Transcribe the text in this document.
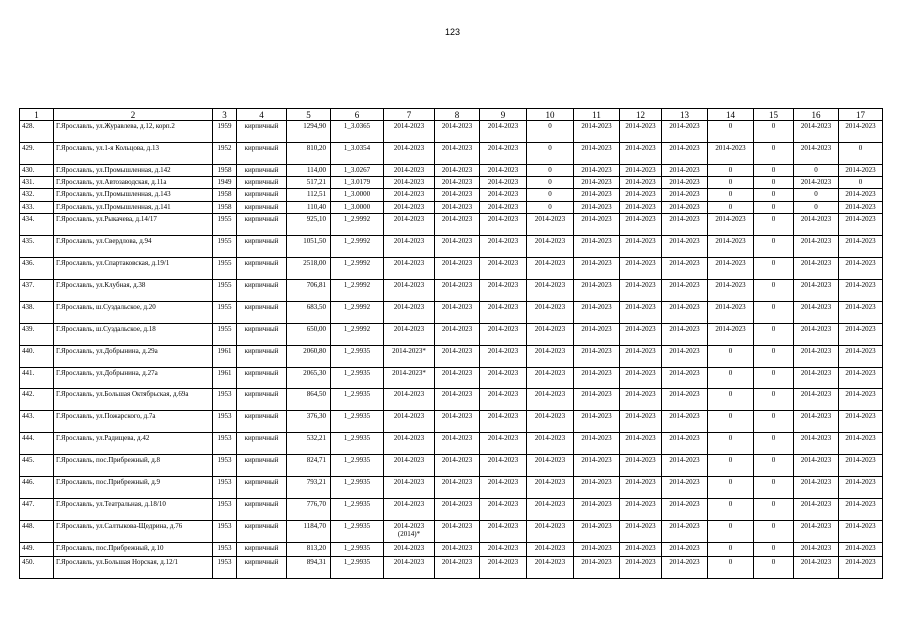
123
1	2	3	4	5	6	7	8	9	10	11	12	13	14	15	16	17
428.	Г.Ярославль, ул.Журавлева, д.12, корп.2	1959	кирпичный	1294,90	1_3.0365	2014-2023	2014-2023	2014-2023	0	2014-2023	2014-2023	2014-2023	0	0	2014-2023	2014-2023
429.	Г.Ярославль, ул.1-я Кольцова, д.13	1952	кирпичный	810,20	1_3.0354	2014-2023	2014-2023	2014-2023	0	2014-2023	2014-2023	2014-2023	2014-2023	0	2014-2023	0
430.	Г.Ярославль, ул.Промышленная, д.142	1958	кирпичный	114,00	1_3.0267	2014-2023	2014-2023	2014-2023	0	2014-2023	2014-2023	2014-2023	0	0	0	2014-2023
431.	Г.Ярославль, ул.Автозаводская, д.11а	1949	кирпичный	517,21	1_3.0179	2014-2023	2014-2023	2014-2023	0	2014-2023	2014-2023	2014-2023	0	0	2014-2023	0
432.	Г.Ярославль, ул.Промышленная, д.143	1958	кирпичный	112,51	1_3.0000	2014-2023	2014-2023	2014-2023	0	2014-2023	2014-2023	2014-2023	0	0	0	2014-2023
433.	Г.Ярославль, ул.Промышленная, д.141	1958	кирпичный	110,40	1_3.0000	2014-2023	2014-2023	2014-2023	0	2014-2023	2014-2023	2014-2023	0	0	0	2014-2023
434.	Г.Ярославль, ул.Рыкачева, д.14/17	1955	кирпичный	925,10	1_2.9992	2014-2023	2014-2023	2014-2023	2014-2023	2014-2023	2014-2023	2014-2023	2014-2023	0	2014-2023	2014-2023
435.	Г.Ярославль, ул.Свердлова, д.94	1955	кирпичный	1051,50	1_2.9992	2014-2023	2014-2023	2014-2023	2014-2023	2014-2023	2014-2023	2014-2023	2014-2023	0	2014-2023	2014-2023
436.	Г.Ярославль, ул.Спартаковская, д.19/1	1955	кирпичный	2518,00	1_2.9992	2014-2023	2014-2023	2014-2023	2014-2023	2014-2023	2014-2023	2014-2023	2014-2023	0	2014-2023	2014-2023
437.	Г.Ярославль, ул.Клубная, д.38	1955	кирпичный	706,81	1_2.9992	2014-2023	2014-2023	2014-2023	2014-2023	2014-2023	2014-2023	2014-2023	2014-2023	0	2014-2023	2014-2023
438.	Г.Ярославль, ш.Суздальское, д.20	1955	кирпичный	683,50	1_2.9992	2014-2023	2014-2023	2014-2023	2014-2023	2014-2023	2014-2023	2014-2023	2014-2023	0	2014-2023	2014-2023
439.	Г.Ярославль, ш.Суздальское, д.18	1955	кирпичный	650,00	1_2.9992	2014-2023	2014-2023	2014-2023	2014-2023	2014-2023	2014-2023	2014-2023	2014-2023	0	2014-2023	2014-2023
440.	Г.Ярославль, ул.Добрынина, д.29а	1961	кирпичный	2060,80	1_2.9935	2014-2023*	2014-2023	2014-2023	2014-2023	2014-2023	2014-2023	2014-2023	0	0	2014-2023	2014-2023
441.	Г.Ярославль, ул.Добрынина, д.27а	1961	кирпичный	2065,30	1_2.9935	2014-2023*	2014-2023	2014-2023	2014-2023	2014-2023	2014-2023	2014-2023	0	0	2014-2023	2014-2023
442.	Г.Ярославль, ул.Большая Октябрьская, д.69а	1953	кирпичный	864,50	1_2.9935	2014-2023	2014-2023	2014-2023	2014-2023	2014-2023	2014-2023	2014-2023	0	0	2014-2023	2014-2023
443.	Г.Ярославль, ул.Пожарского, д.7а	1953	кирпичный	376,30	1_2.9935	2014-2023	2014-2023	2014-2023	2014-2023	2014-2023	2014-2023	2014-2023	0	0	2014-2023	2014-2023
444.	Г.Ярославль, ул.Радищева, д.42	1953	кирпичный	532,21	1_2.9935	2014-2023	2014-2023	2014-2023	2014-2023	2014-2023	2014-2023	2014-2023	0	0	2014-2023	2014-2023
445.	Г.Ярославль, пос.Прибрежный, д.8	1953	кирпичный	824,71	1_2.9935	2014-2023	2014-2023	2014-2023	2014-2023	2014-2023	2014-2023	2014-2023	0	0	2014-2023	2014-2023
446.	Г.Ярославль, пос.Прибрежный, д.9	1953	кирпичный	793,21	1_2.9935	2014-2023	2014-2023	2014-2023	2014-2023	2014-2023	2014-2023	2014-2023	0	0	2014-2023	2014-2023
447.	Г.Ярославль, ул.Театральная, д.18/10	1953	кирпичный	776,70	1_2.9935	2014-2023	2014-2023	2014-2023	2014-2023	2014-2023	2014-2023	2014-2023	0	0	2014-2023	2014-2023
448.	Г.Ярославль, ул.Салтыкова-Щедрина, д.76	1953	кирпичный	1184,70	1_2.9935	2014-2023 (2014)*	2014-2023	2014-2023	2014-2023	2014-2023	2014-2023	2014-2023	0	0	2014-2023	2014-2023
449.	Г.Ярославль, пос.Прибрежный, д.10	1953	кирпичный	813,20	1_2.9935	2014-2023	2014-2023	2014-2023	2014-2023	2014-2023	2014-2023	2014-2023	0	0	2014-2023	2014-2023
450.	Г.Ярославль, ул.Большая Норская, д.12/1	1953	кирпичный	894,31	1_2.9935	2014-2023	2014-2023	2014-2023	2014-2023	2014-2023	2014-2023	2014-2023	0	0	2014-2023	2014-2023
